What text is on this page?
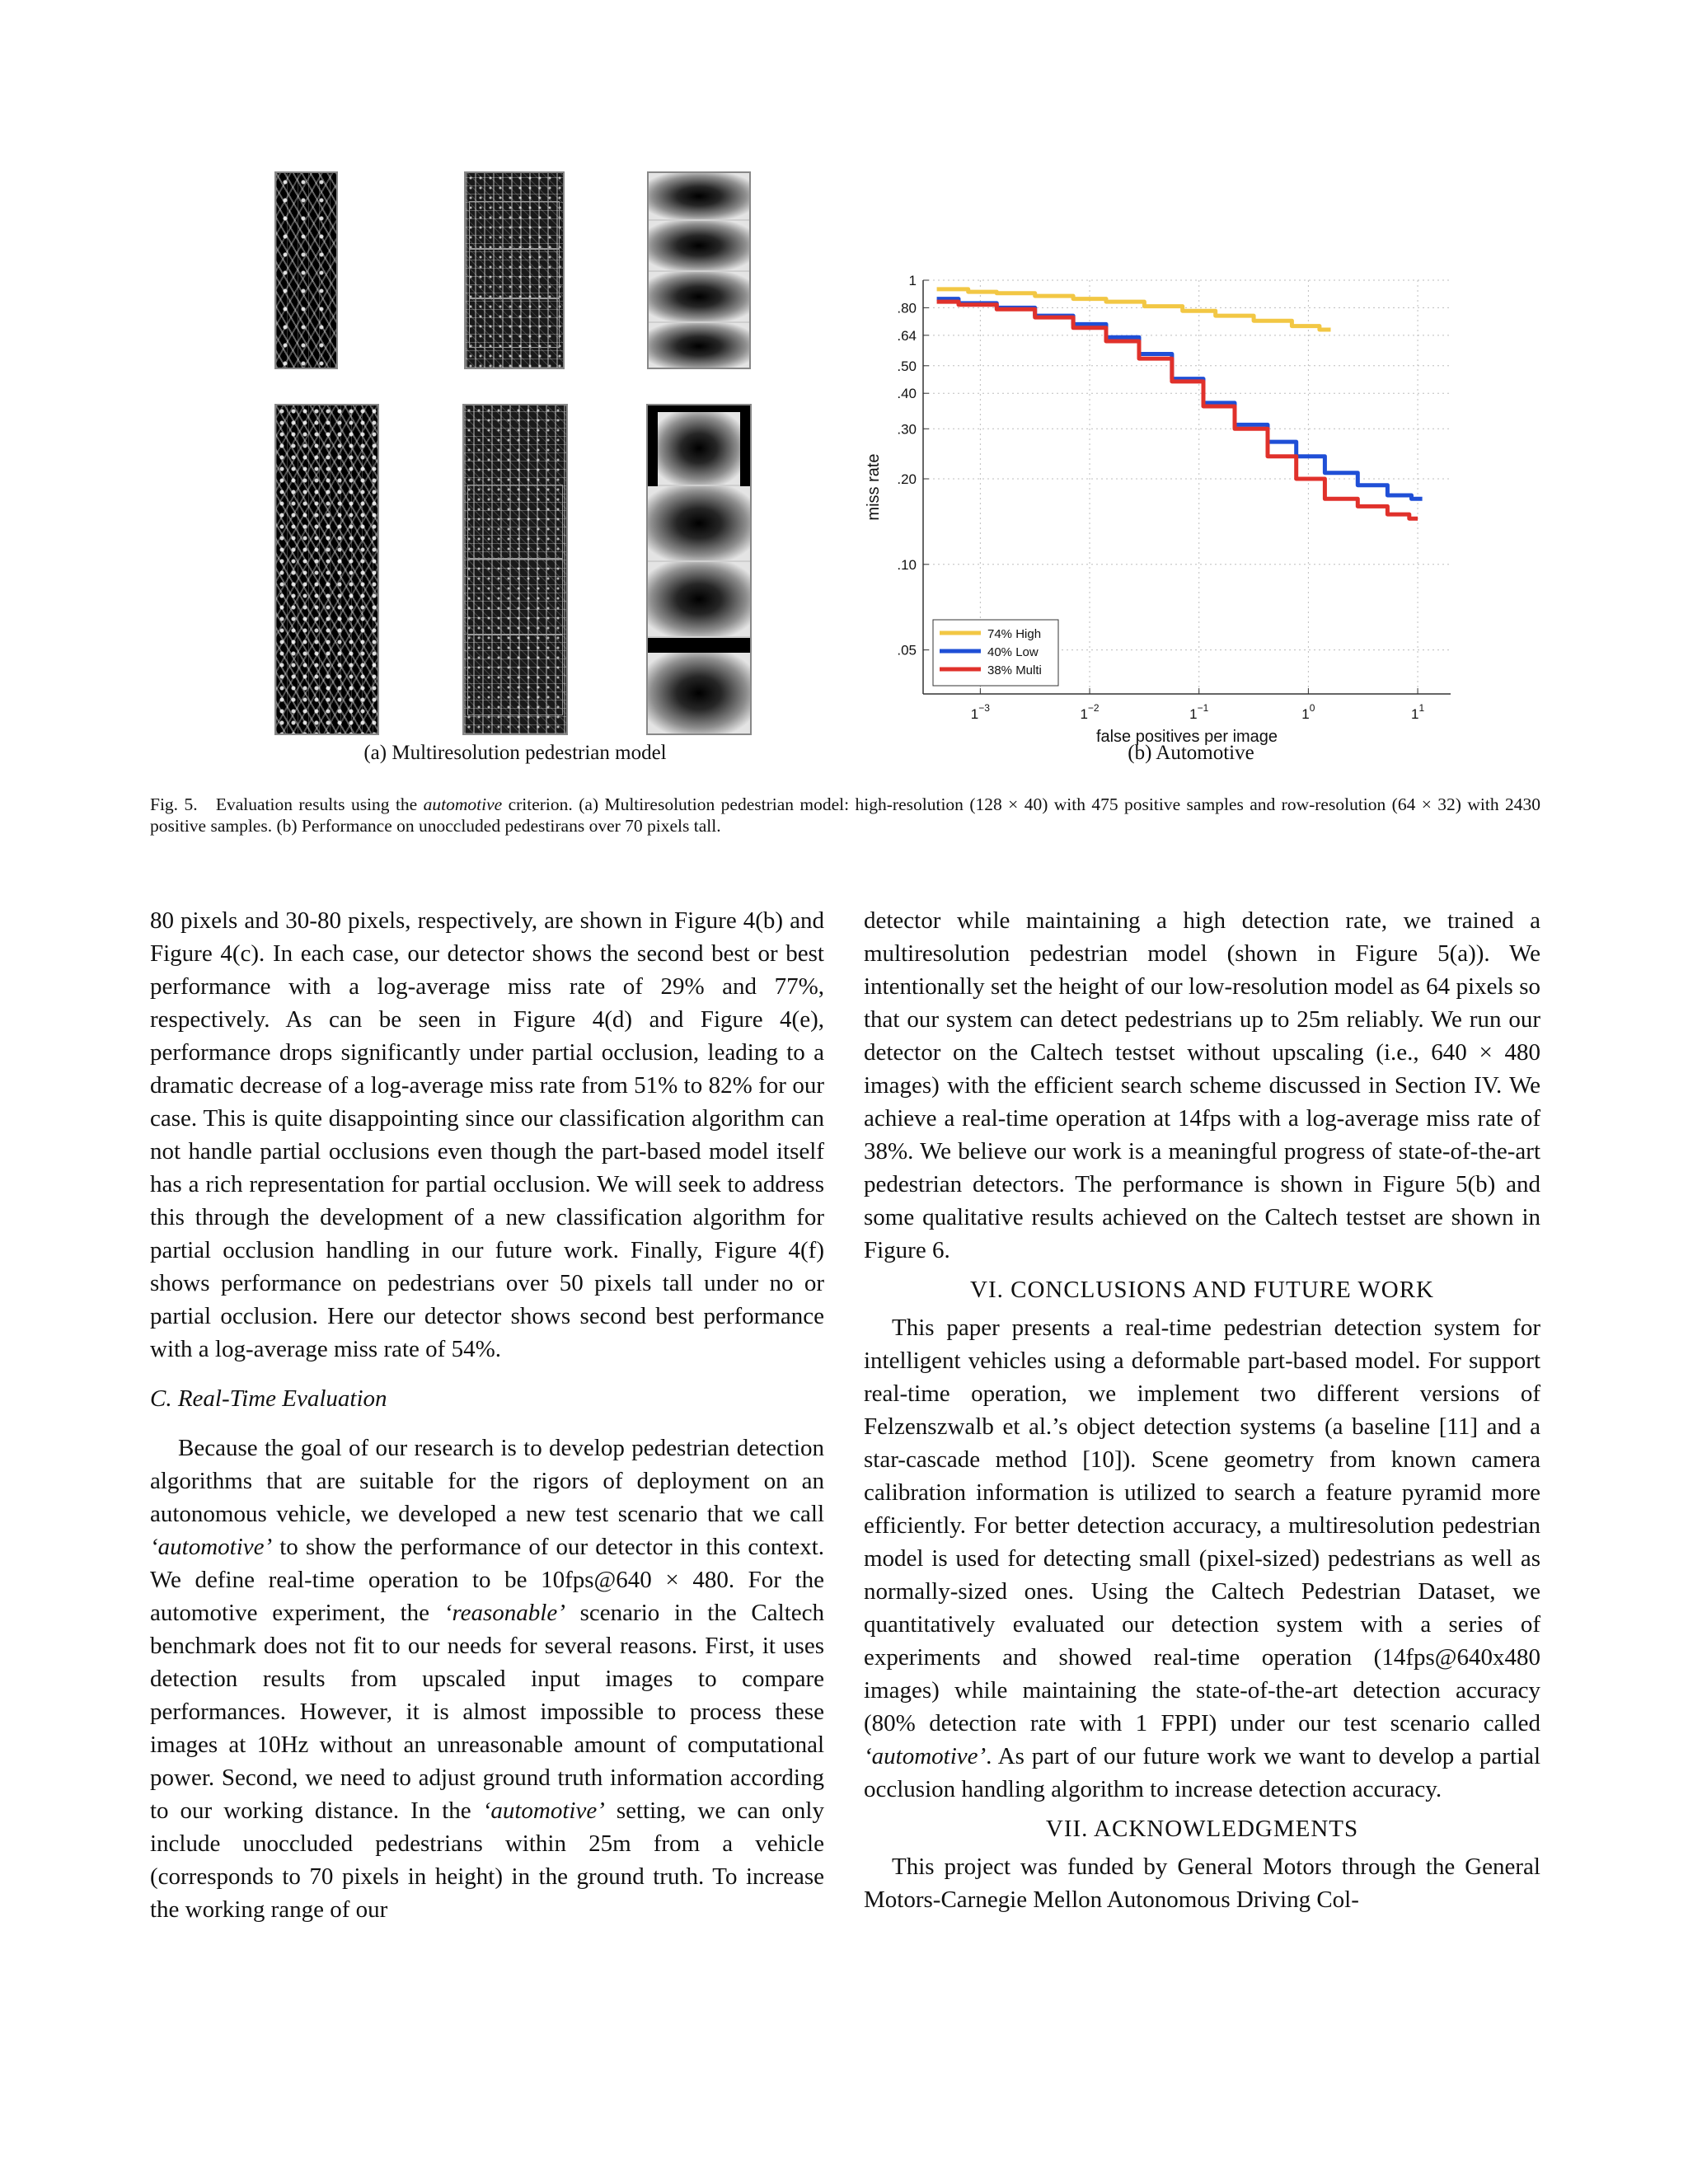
(a) Multiresolution pedestrian model
$1^{-3}$	$1^{-2}$	$1^{-1}$	$1^0$	$1^1$
1
.80
.64
.50
.40
.30
.20
.10
.05
false positives per image
miss rate
74% High
40% Low
38% Multi
(b) Automotive
Fig. 5. Evaluation results using the automotive criterion. (a) Multiresolution pedestrian model: high-resolution (128 × 40) with 475 positive samples and row-resolution (64 × 32) with 2430 positive samples. (b) Performance on unoccluded pedestirans over 70 pixels tall.

80 pixels and 30-80 pixels, respectively, are shown in Figure 4(b) and Figure 4(c). In each case, our detector shows the second best or best performance with a log-average miss rate of 29% and 77%, respectively. As can be seen in Figure 4(d) and Figure 4(e), performance drops significantly under partial occlusion, leading to a dramatic decrease of a log-average miss rate from 51% to 82% for our case. This is quite disappointing since our classification algorithm can not handle partial occlusions even though the part-based model itself has a rich representation for partial occlusion. We will seek to address this through the development of a new classification algorithm for partial occlusion handling in our future work. Finally, Figure 4(f) shows performance on pedestrians over 50 pixels tall under no or partial occlusion. Here our detector shows second best performance with a log-average miss rate of 54%.

C. Real-Time Evaluation

Because the goal of our research is to develop pedestrian detection algorithms that are suitable for the rigors of deployment on an autonomous vehicle, we developed a new test scenario that we call ‘automotive’ to show the performance of our detector in this context. We define real-time operation to be 10fps@640 × 480. For the automotive experiment, the ‘reasonable’ scenario in the Caltech benchmark does not fit to our needs for several reasons. First, it uses detection results from upscaled input images to compare performances. However, it is almost impossible to process these images at 10Hz without an unreasonable amount of computational power. Second, we need to adjust ground truth information according to our working distance. In the ‘automotive’ setting, we can only include unoccluded pedestrians within 25m from a vehicle (corresponds to 70 pixels in height) in the ground truth. To increase the working range of our

detector while maintaining a high detection rate, we trained a multiresolution pedestrian model (shown in Figure 5(a)). We intentionally set the height of our low-resolution model as 64 pixels so that our system can detect pedestrians up to 25m reliably. We run our detector on the Caltech testset without upscaling (i.e., 640 × 480 images) with the efficient search scheme discussed in Section IV. We achieve a real-time operation at 14fps with a log-average miss rate of 38%. We believe our work is a meaningful progress of state-of-the-art pedestrian detectors. The performance is shown in Figure 5(b) and some qualitative results achieved on the Caltech testset are shown in Figure 6.

VI. CONCLUSIONS AND FUTURE WORK

This paper presents a real-time pedestrian detection system for intelligent vehicles using a deformable part-based model. For support real-time operation, we implement two different versions of Felzenszwalb et al.’s object detection systems (a baseline [11] and a star-cascade method [10]). Scene geometry from known camera calibration information is utilized to search a feature pyramid more efficiently. For better detection accuracy, a multiresolution pedestrian model is used for detecting small (pixel-sized) pedestrians as well as normally-sized ones. Using the Caltech Pedestrian Dataset, we quantitatively evaluated our detection system with a series of experiments and showed real-time operation (14fps@640x480 images) while maintaining the state-of-the-art detection accuracy (80% detection rate with 1 FPPI) under our test scenario called ‘automotive’. As part of our future work we want to develop a partial occlusion handling algorithm to increase detection accuracy.

VII. ACKNOWLEDGMENTS

This project was funded by General Motors through the General Motors-Carnegie Mellon Autonomous Driving Col-
